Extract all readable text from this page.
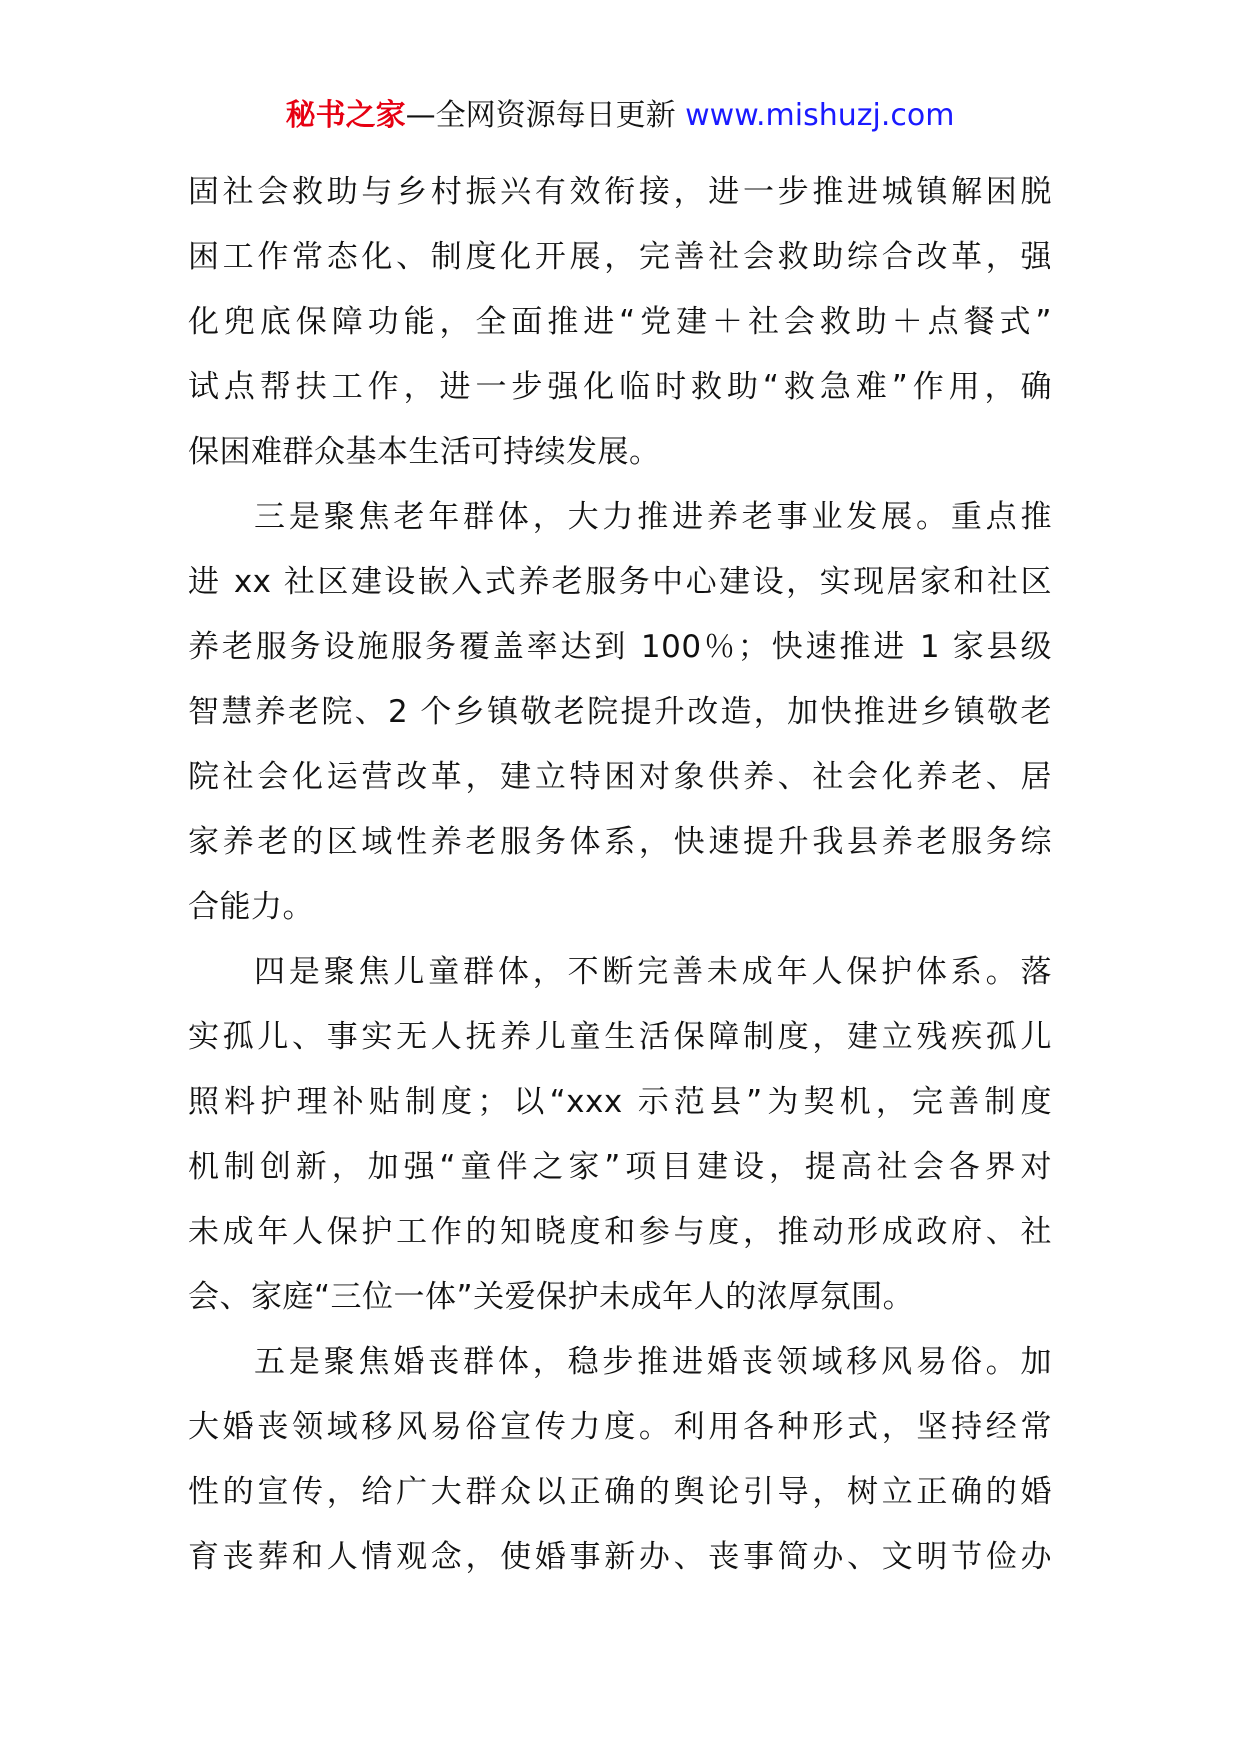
秘书之家—全网资源每日更新 www.mishuzj.com
固社会救助与乡村振兴有效衔接，进一步推进城镇解困脱
困工作常态化、制度化开展，完善社会救助综合改革，强
化兜底保障功能，全面推进“党建＋社会救助＋点餐式”
试点帮扶工作，进一步强化临时救助“救急难”作用，确
保困难群众基本生活可持续发展。
三是聚焦老年群体，大力推进养老事业发展。重点推
进 xx 社区建设嵌入式养老服务中心建设，实现居家和社区
养老服务设施服务覆盖率达到 100％；快速推进 1 家县级
智慧养老院、2 个乡镇敬老院提升改造，加快推进乡镇敬老
院社会化运营改革，建立特困对象供养、社会化养老、居
家养老的区域性养老服务体系，快速提升我县养老服务综
合能力。
四是聚焦儿童群体，不断完善未成年人保护体系。落
实孤儿、事实无人抚养儿童生活保障制度，建立残疾孤儿
照料护理补贴制度；以“xxx 示范县”为契机，完善制度
机制创新，加强“童伴之家”项目建设，提高社会各界对
未成年人保护工作的知晓度和参与度，推动形成政府、社
会、家庭“三位一体”关爱保护未成年人的浓厚氛围。
五是聚焦婚丧群体，稳步推进婚丧领域移风易俗。加
大婚丧领域移风易俗宣传力度。利用各种形式，坚持经常
性的宣传，给广大群众以正确的舆论引导，树立正确的婚
育丧葬和人情观念，使婚事新办、丧事简办、文明节俭办
